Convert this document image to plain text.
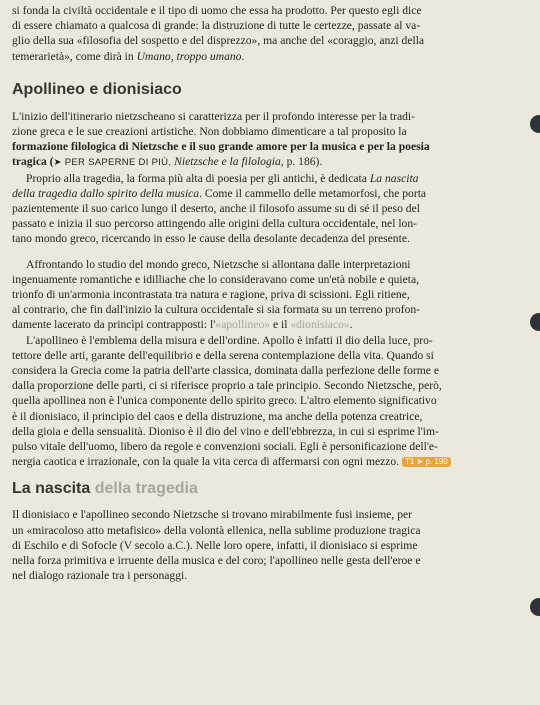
si fonda la civiltà occidentale e il tipo di uomo che essa ha prodotto. Per questo egli dice

di essere chiamato a qualcosa di grande: la distruzione di tutte le certezze, passate al va-

glio della sua «filosofia del sospetto e del disprezzo», ma anche del «coraggio, anzi della

temerarietà», come dirà in Umano, troppo umano.

Apollineo e dionisiaco

L'inizio dell'itinerario nietzscheano si caratterizza per il profondo interesse per la tradi-

zione greca e le sue creazioni artistiche. Non dobbiamo dimenticare a tal proposito la

formazione filologica di Nietzsche e il suo grande amore per la musica e per la poesia

tragica (➤ PER SAPERNE DI PIÙ, Nietzsche e la filologia, p. 186).

Proprio alla tragedia, la forma più alta di poesia per gli antichi, è dedicata La nascita

della tragedia dallo spirito della musica. Come il cammello delle metamorfosi, che porta

pazientemente il suo carico lungo il deserto, anche il filosofo assume su di sé il peso del

passato e inizia il suo percorso attingendo alle origini della cultura occidentale, nel lon-

tano mondo greco, ricercando in esso le cause della desolante decadenza del presente.

Affrontando lo studio del mondo greco, Nietzsche si allontana dalle interpretazioni

ingenuamente romantiche e idilliache che lo consideravano come un'età nobile e quieta,

trionfo di un'armonia incontrastata tra natura e ragione, priva di scissioni. Egli ritiene,

al contrario, che fin dall'inizio la cultura occidentale si sia formata su un terreno profon-

damente lacerato da princìpi contrapposti: l'«apollineo» e il «dionisiaco».

L'apollineo è l'emblema della misura e dell'ordine. Apollo è infatti il dio della luce, pro-

tettore delle arti, garante dell'equilibrio e della serena contemplazione della vita. Quando si

considera la Grecia come la patria dell'arte classica, dominata dalla perfezione delle forme e

dalla proporzione delle parti, ci si riferisce proprio a tale principio. Secondo Nietzsche, però,

quella apollinea non è l'unica componente dello spirito greco. L'altro elemento significativo

è il dionisiaco, il principio del caos e della distruzione, ma anche della potenza creatrice,

della gioia e della sensualità. Dioniso è il dio del vino e dell'ebbrezza, in cui si esprime l'im-

pulso vitale dell'uomo, libero da regole e convenzioni sociali. Egli è personificazione dell'e-

nergia caotica e irrazionale, con la quale la vita cerca di affermarsi con ogni mezzo. T1 ➤ p. 190

La nascita della tragedia

Il dionisiaco e l'apollineo secondo Nietzsche si trovano mirabilmente fusi insieme, per

un «miracoloso atto metafisico» della volontà ellenica, nella sublime produzione tragica

di Eschilo e di Sofocle (V secolo a.C.). Nelle loro opere, infatti, il dionisiaco si esprime

nella forza primitiva e irruente della musica e del coro; l'apollineo nelle gesta dell'eroe e

nel dialogo razionale tra i personaggi.
